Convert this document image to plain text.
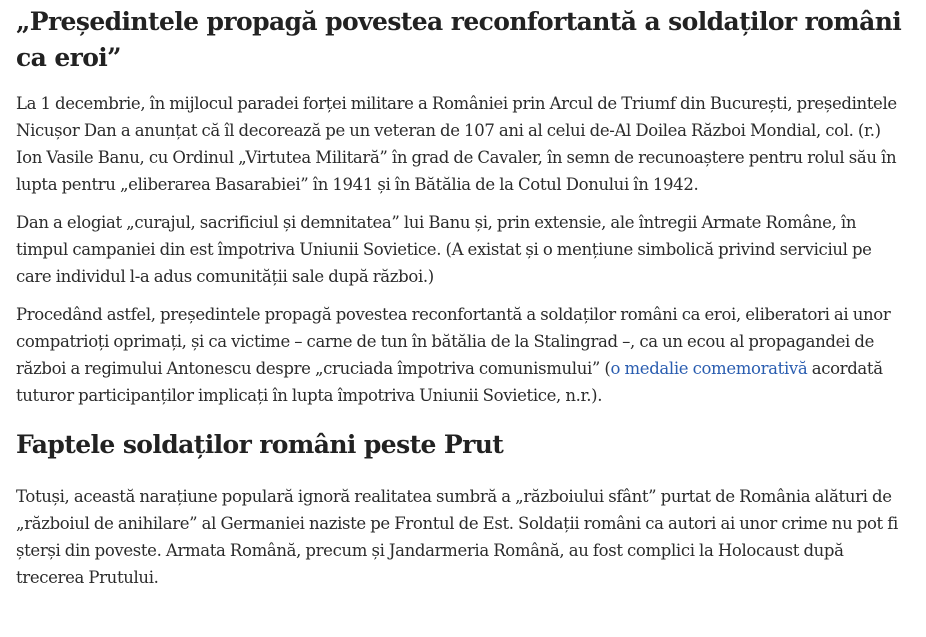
„Președintele propagă povestea reconfortantă a soldaților români ca eroi”

La 1 decembrie, în mijlocul paradei forței militare a României prin Arcul de Triumf din București, președintele Nicușor Dan a anunțat că îl decorează pe un veteran de 107 ani al celui de-Al Doilea Război Mondial, col. (r.) Ion Vasile Banu, cu Ordinul „Virtutea Militară” în grad de Cavaler, în semn de recunoaștere pentru rolul său în lupta pentru „eliberarea Basarabiei” în 1941 și în Bătălia de la Cotul Donului în 1942.

Dan a elogiat „curajul, sacrificiul și demnitatea” lui Banu și, prin extensie, ale întregii Armate Române, în timpul campaniei din est împotriva Uniunii Sovietice. (A existat și o mențiune simbolică privind serviciul pe care individul l-a adus comunității sale după război.)

Procedând astfel, președintele propagă povestea reconfortantă a soldaților români ca eroi, eliberatori ai unor compatrioți oprimați, și ca victime – carne de tun în bătălia de la Stalingrad –, ca un ecou al propagandei de război a regimului Antonescu despre „cruciada împotriva comunismului” (o medalie comemorativă acordată tuturor participanților implicați în lupta împotriva Uniunii Sovietice, n.r.).

Faptele soldaților români peste Prut

Totuși, această narațiune populară ignoră realitatea sumbră a „războiului sfânt” purtat de România alături de „războiul de anihilare” al Germaniei naziste pe Frontul de Est. Soldații români ca autori ai unor crime nu pot fi șterși din poveste. Armata Română, precum și Jandarmeria Română, au fost complici la Holocaust după trecerea Prutului.
